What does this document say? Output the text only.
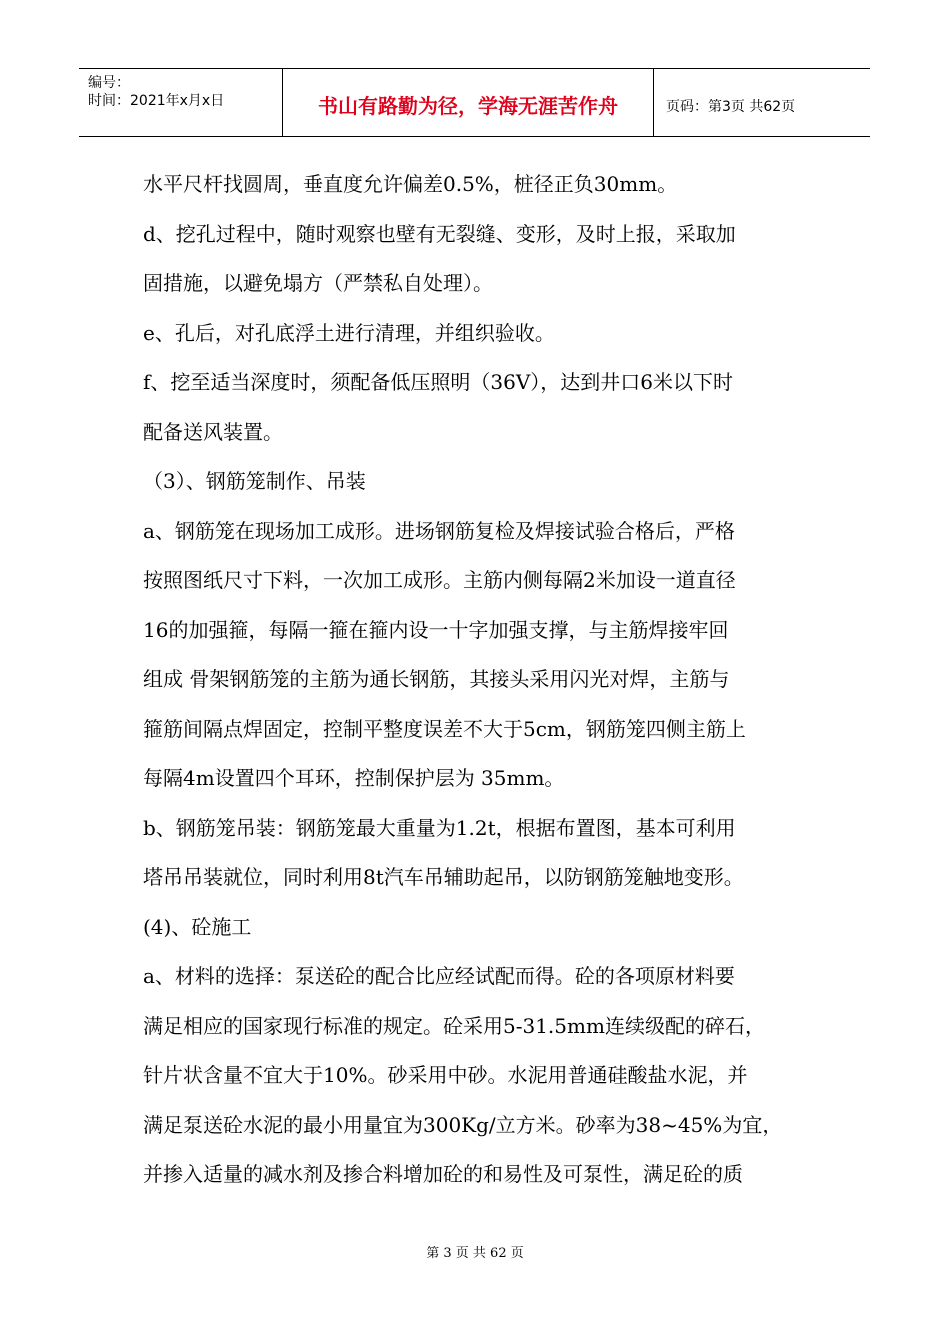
编号：
时间：2021年x月x日	书山有路勤为径，学海无涯苦作舟	页码：第3页 共62页

水平尺杆找圆周，垂直度允许偏差0.5%，桩径正负30mm。

d、挖孔过程中，随时观察也壁有无裂缝、变形，及时上报，采取加

固措施，以避免塌方（严禁私自处理）。

e、孔后，对孔底浮土进行清理，并组织验收。

f、挖至适当深度时，须配备低压照明（36V），达到井口6米以下时

配备送风装置。

（3）、钢筋笼制作、吊装

a、钢筋笼在现场加工成形。进场钢筋复检及焊接试验合格后，严格

按照图纸尺寸下料，一次加工成形。主筋内侧每隔2米加设一道直径

16的加强箍，每隔一箍在箍内设一十字加强支撑，与主筋焊接牢回

组成 骨架钢筋笼的主筋为通长钢筋，其接头采用闪光对焊，主筋与

箍筋间隔点焊固定，控制平整度误差不大于5cm，钢筋笼四侧主筋上

每隔4m设置四个耳环，控制保护层为 35mm。

b、钢筋笼吊装：钢筋笼最大重量为1.2t，根据布置图，基本可利用

塔吊吊装就位，同时利用8t汽车吊辅助起吊，以防钢筋笼触地变形。

(4)、砼施工

a、材料的选择：泵送砼的配合比应经试配而得。砼的各项原材料要

满足相应的国家现行标准的规定。砼采用5-31.5mm连续级配的碎石，

针片状含量不宜大于10%。砂采用中砂。水泥用普通硅酸盐水泥，并

满足泵送砼水泥的最小用量宜为300Kg/立方米。砂率为38~45%为宜，

并掺入适量的减水剂及掺合料增加砼的和易性及可泵性，满足砼的质

第 3 页 共 62 页
